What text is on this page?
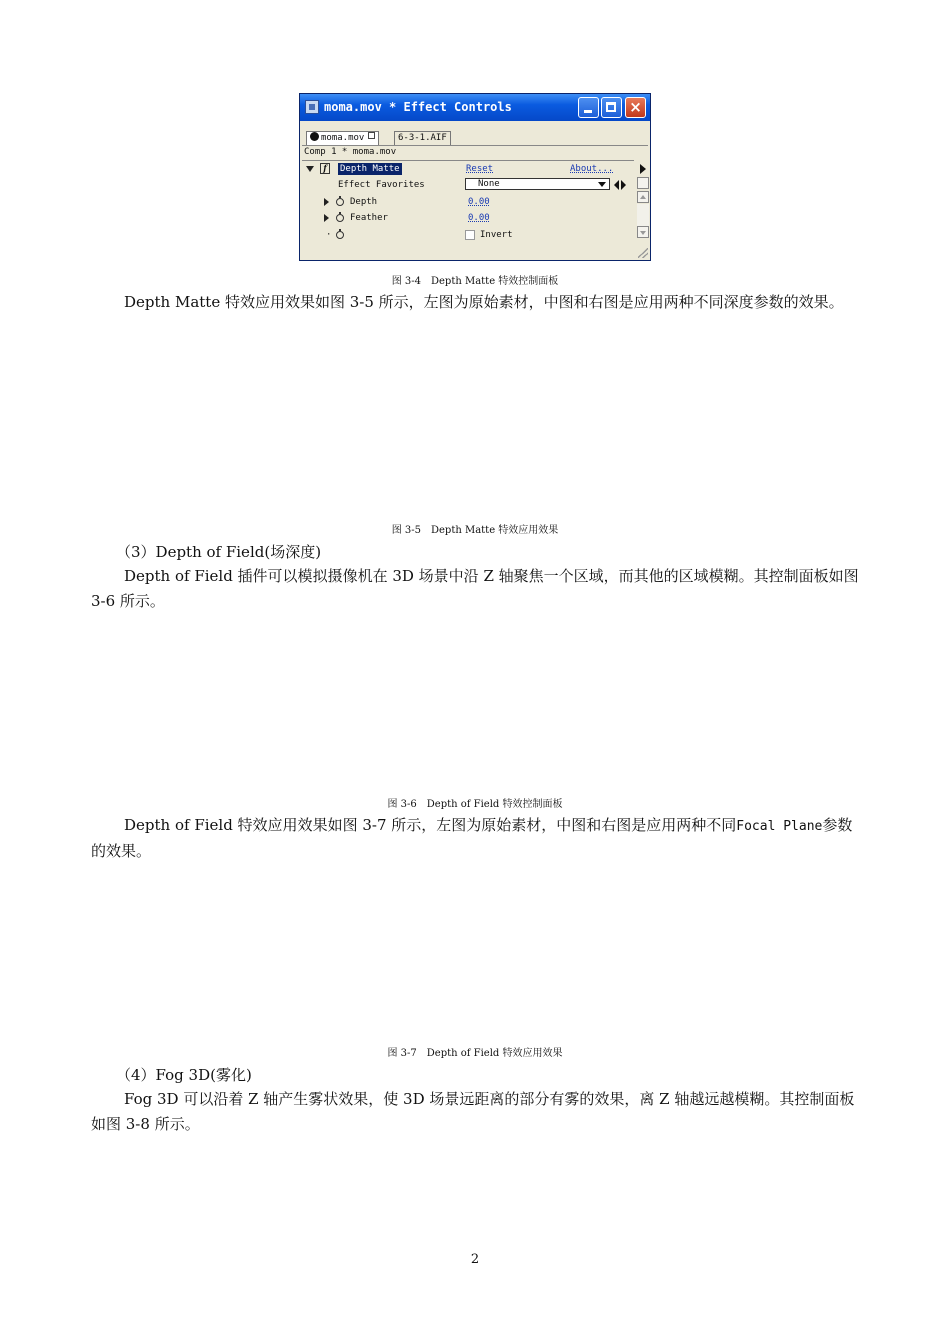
moma.mov * Effect Controls	×
moma.mov	6-3-1.AIF
Comp 1 * moma.mov
f	Depth Matte	Reset	About...
Effect Favorites	None
Depth	0.00
Feather	0.00
·	Invert
图 3-4　Depth Matte 特效控制面板
Depth Matte 特效应用效果如图 3-5 所示，左图为原始素材，中图和右图是应用两种不同深度参数的效果。
图 3-5　Depth Matte 特效应用效果
（3）Depth of Field(场深度)
Depth of Field 插件可以模拟摄像机在 3D 场景中沿 Z 轴聚焦一个区域，而其他的区域模糊。其控制面板如图 3-6 所示。
图 3-6　Depth of Field 特效控制面板
Depth of Field 特效应用效果如图 3-7 所示，左图为原始素材，中图和右图是应用两种不同Focal Plane参数的效果。
图 3-7　Depth of Field 特效应用效果
（4）Fog 3D(雾化)
Fog 3D 可以沿着 Z 轴产生雾状效果，使 3D 场景远距离的部分有雾的效果，离 Z 轴越远越模糊。其控制面板如图 3-8 所示。
2
